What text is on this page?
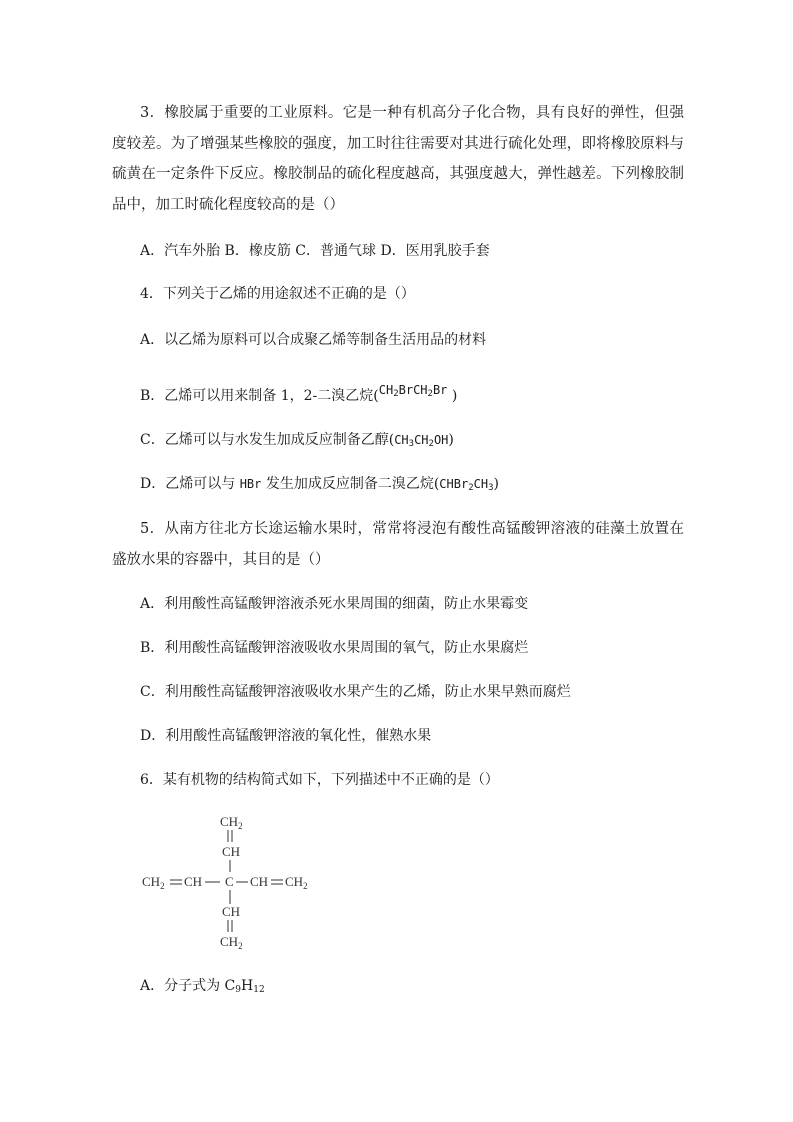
3．橡胶属于重要的工业原料。它是一种有机高分子化合物，具有良好的弹性，但强度较差。为了增强某些橡胶的强度，加工时往往需要对其进行硫化处理，即将橡胶原料与硫黄在一定条件下反应。橡胶制品的硫化程度越高，其强度越大，弹性越差。下列橡胶制品中，加工时硫化程度较高的是（）
A．汽车外胎 B．橡皮筋 C．普通气球 D．医用乳胶手套
4．下列关于乙烯的用途叙述不正确的是（）
A．以乙烯为原料可以合成聚乙烯等制备生活用品的材料
B．乙烯可以用来制备 1，2-二溴乙烷($CH_2BrCH_2Br$ )
C．乙烯可以与水发生加成反应制备乙醇$(CH_3CH_2OH)$
D．乙烯可以与 HBr 发生加成反应制备二溴乙烷$(CHBr_2CH_3)$
5．从南方往北方长途运输水果时，常常将浸泡有酸性高锰酸钾溶液的硅藻土放置在盛放水果的容器中，其目的是（）
A．利用酸性高锰酸钾溶液杀死水果周围的细菌，防止水果霉变
B．利用酸性高锰酸钾溶液吸收水果周围的氧气，防止水果腐烂
C．利用酸性高锰酸钾溶液吸收水果产生的乙烯，防止水果早熟而腐烂
D．利用酸性高锰酸钾溶液的氧化性，催熟水果
6．某有机物的结构简式如下，下列描述中不正确的是（）
$CH_2$
CH
$CH_2$ CH C CH $CH_2$
CH
$CH_2$
A．分子式为 $C_9H_{12}$
